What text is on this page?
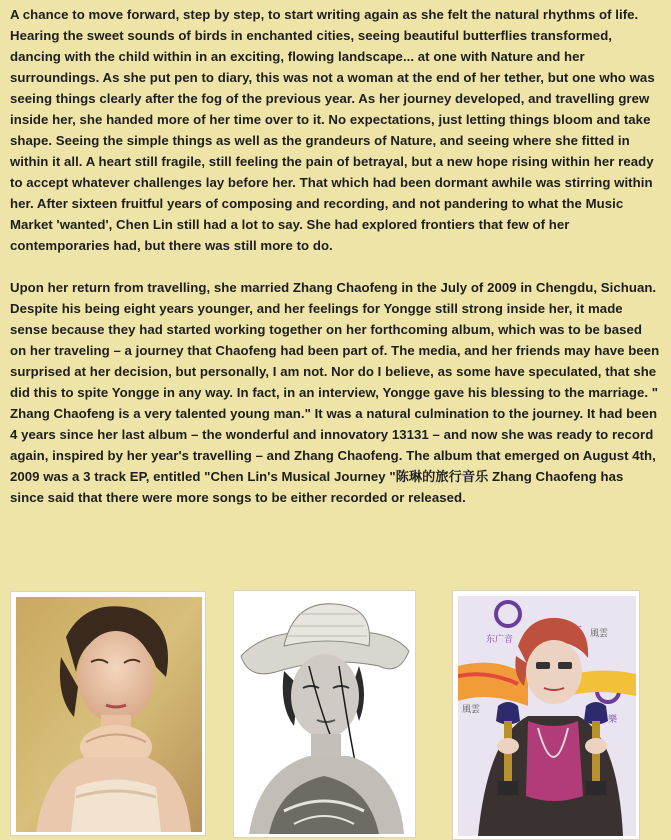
A chance to move forward, step by step, to start writing again as she felt the natural rhythms of life. Hearing the sweet sounds of birds in enchanted cities, seeing beautiful butterflies transformed, dancing with the child within in an exciting, flowing landscape... at one with Nature and her surroundings. As she put pen to diary, this was not a woman at the end of her tether, but one who was seeing things clearly after the fog of the previous year. As her journey developed, and travelling grew inside her, she handed more of her time over to it. No expectations, just letting things bloom and take shape. Seeing the simple things as well as the grandeurs of Nature, and seeing where she fitted in within it all. A heart still fragile, still feeling the pain of betrayal, but a new hope rising within her ready to accept whatever challenges lay before her. That which had been dormant awhile was stirring within her. After sixteen fruitful years of composing and recording, and not pandering to what the Music Market 'wanted', Chen Lin still had a lot to say. She had explored frontiers that few of her contemporaries had, but there was still more to do.

Upon her return from travelling, she married Zhang Chaofeng in the July of 2009 in Chengdu, Sichuan. Despite his being eight years younger, and her feelings for Yongge still strong inside her, it made sense because they had started working together on her forthcoming album, which was to be based on her traveling – a journey that Chaofeng had been part of. The media, and her friends may have been surprised at her decision, but personally, I am not. Nor do I believe, as some have speculated, that she did this to spite Yongge in any way. In fact, in an interview, Yongge gave his blessing to the marriage. " Zhang Chaofeng is a very talented young man." It was a natural culmination to the journey. It had been 4 years since her last album – the wonderful and innovatory 13131 – and now she was ready to record again, inspired by her year's travelling – and Zhang Chaofeng. The album that emerged on August 4th, 2009 was a 3 track EP, entitled "Chen Lin's Musical Journey "陈琳的旅行音乐 Zhang Chaofeng has since said that there were more songs to be either recorded or released.

东广音
風雲
風雲
樂
